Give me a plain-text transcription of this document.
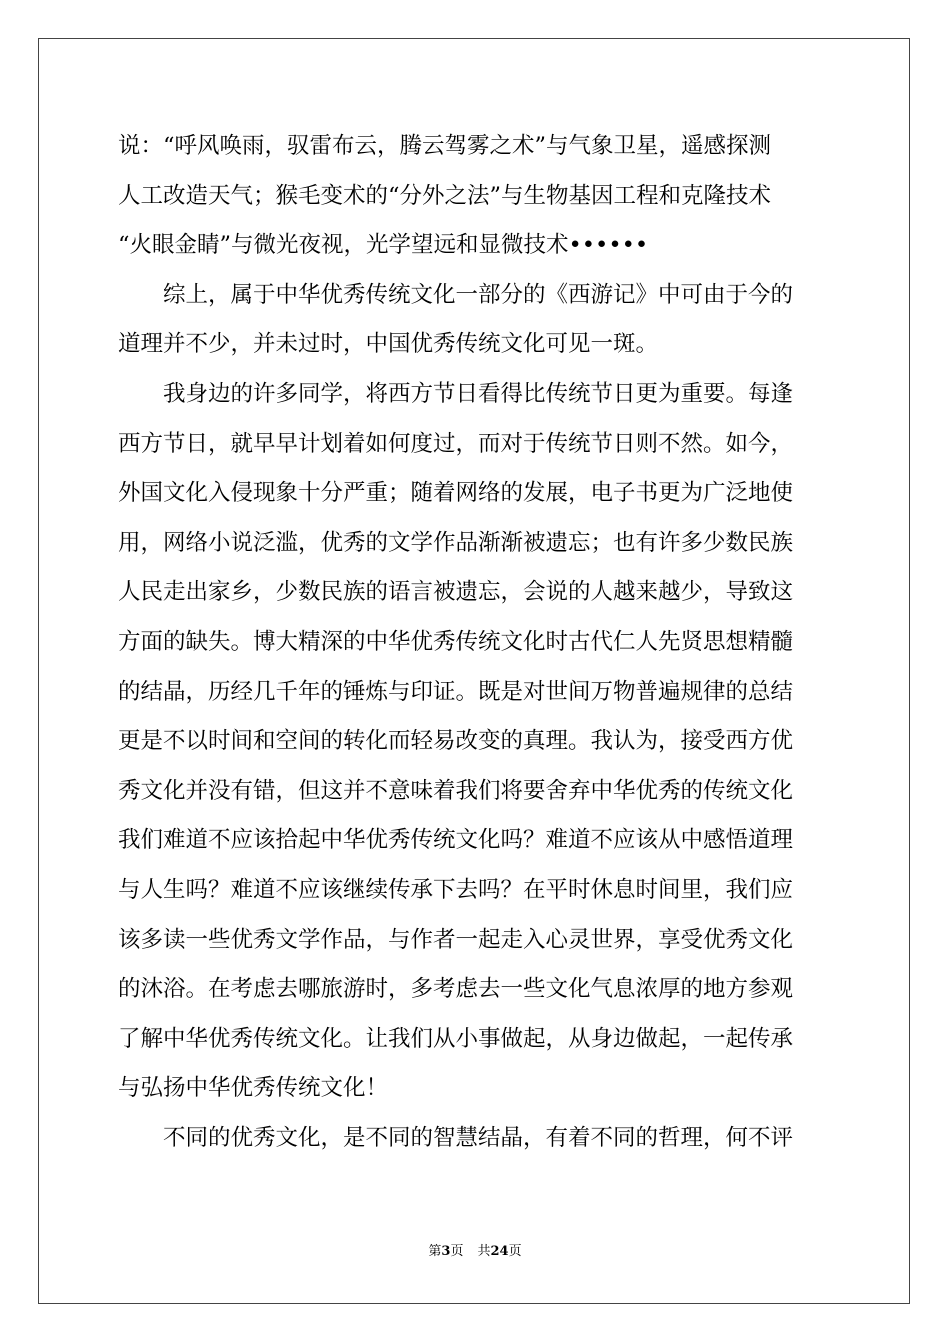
说：“呼风唤雨，驭雷布云，腾云驾雾之术”与气象卫星，遥感探测
人工改造天气；猴毛变术的“分外之法”与生物基因工程和克隆技术
“火眼金睛”与微光夜视，光学望远和显微技术••••••
　　综上，属于中华优秀传统文化一部分的《西游记》中可由于今的
道理并不少，并未过时，中国优秀传统文化可见一斑。
　　我身边的许多同学，将西方节日看得比传统节日更为重要。每逢
西方节日，就早早计划着如何度过，而对于传统节日则不然。如今，
外国文化入侵现象十分严重；随着网络的发展，电子书更为广泛地使
用，网络小说泛滥，优秀的文学作品渐渐被遗忘；也有许多少数民族
人民走出家乡，少数民族的语言被遗忘，会说的人越来越少，导致这
方面的缺失。博大精深的中华优秀传统文化时古代仁人先贤思想精髓
的结晶，历经几千年的锤炼与印证。既是对世间万物普遍规律的总结
更是不以时间和空间的转化而轻易改变的真理。我认为，接受西方优
秀文化并没有错，但这并不意味着我们将要舍弃中华优秀的传统文化
我们难道不应该拾起中华优秀传统文化吗？难道不应该从中感悟道理
与人生吗？难道不应该继续传承下去吗？在平时休息时间里，我们应
该多读一些优秀文学作品，与作者一起走入心灵世界，享受优秀文化
的沐浴。在考虑去哪旅游时，多考虑去一些文化气息浓厚的地方参观
了解中华优秀传统文化。让我们从小事做起，从身边做起，一起传承
与弘扬中华优秀传统文化！
　　不同的优秀文化，是不同的智慧结晶，有着不同的哲理，何不评
第3页 共24页
